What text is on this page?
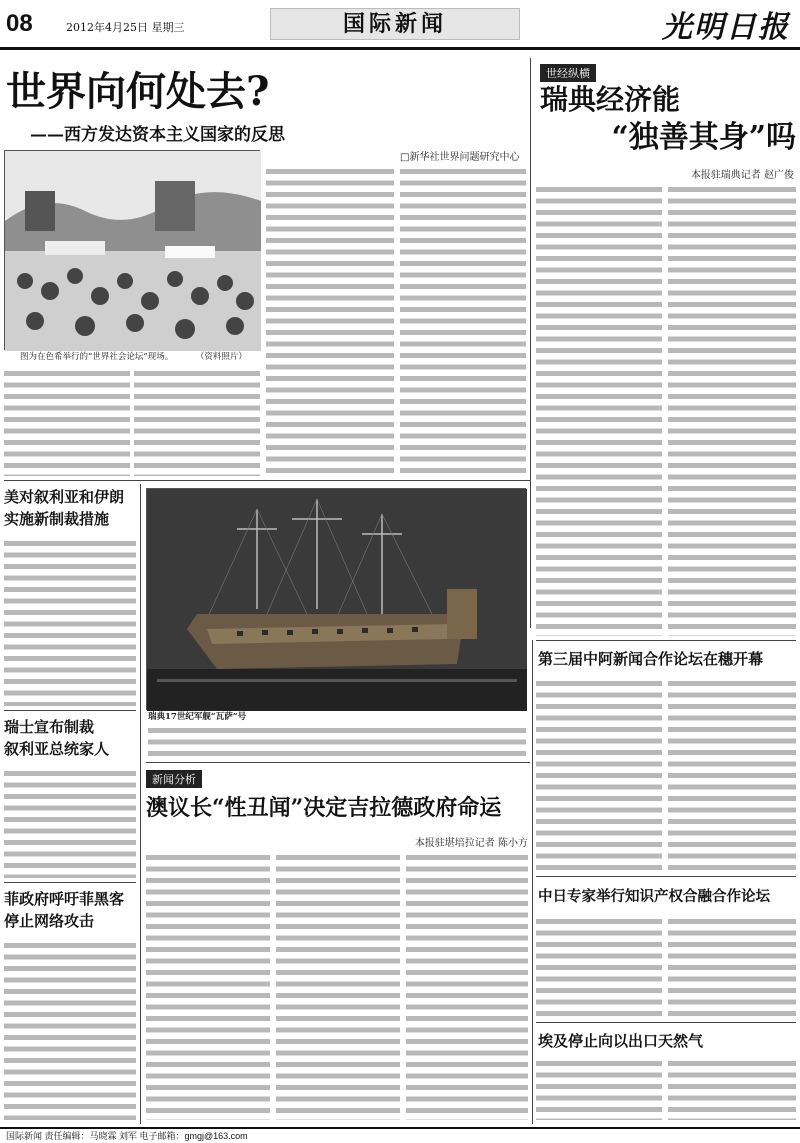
08	2012年4月25日 星期三	国际新闻	光明日报
世界向何处去?
——西方发达资本主义国家的反思
图为在色希举行的“世界社会论坛”现场。	（资料照片）
□新华社世界问题研究中心
世经纵横
瑞典经济能
“独善其身”吗
本报驻瑞典记者 赵广俊
美对叙利亚和伊朗
实施新制裁措施
瑞士宣布制裁
叙利亚总统家人
菲政府呼吁菲黑客
停止网络攻击
瑞典17世纪军舰“瓦萨”号
新闻分析
澳议长“性丑闻”决定吉拉德政府命运
本报驻堪培拉记者 陈小方
第三届中阿新闻合作论坛在穗开幕
中日专家举行知识产权合融合作论坛
埃及停止向以出口天然气
国际新闻 责任编辑：马晓霖 刘军 电子邮箱：gmgj@163.com
